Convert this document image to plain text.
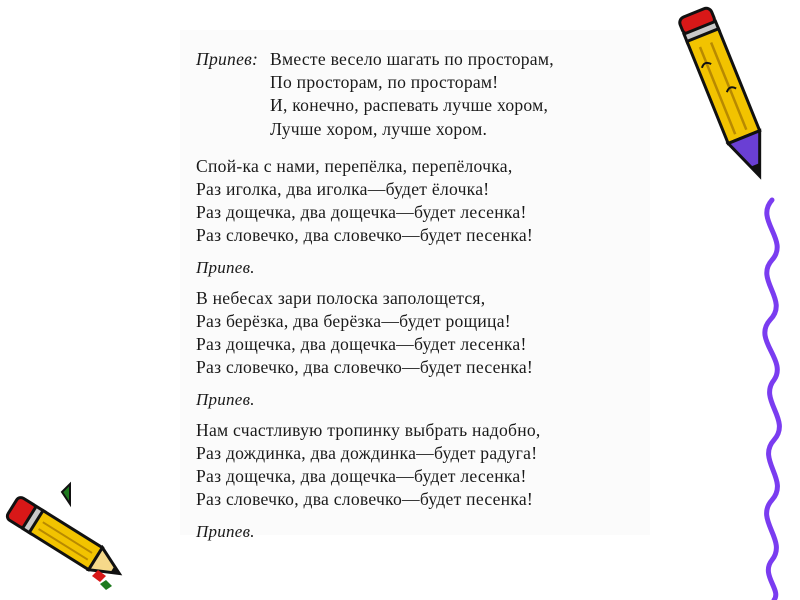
Припев: Вместе весело шагать по просторам,
По просторам, по просторам!
И, конечно, распевать лучше хором,
Лучше хором, лучше хором.
Спой-ка с нами, перепёлка, перепёлочка,
Раз иголка, два иголка—будет ёлочка!
Раз дощечка, два дощечка—будет лесенка!
Раз словечко, два словечко—будет песенка!
Припев.
В небесах зари полоска заполощется,
Раз берёзка, два берёзка—будет рощица!
Раз дощечка, два дощечка—будет лесенка!
Раз словечко, два словечко—будет песенка!
Припев.
Нам счастливую тропинку выбрать надобно,
Раз дождинка, два дождинка—будет радуга!
Раз дощечка, два дощечка—будет лесенка!
Раз словечко, два словечко—будет песенка!
Припев.
